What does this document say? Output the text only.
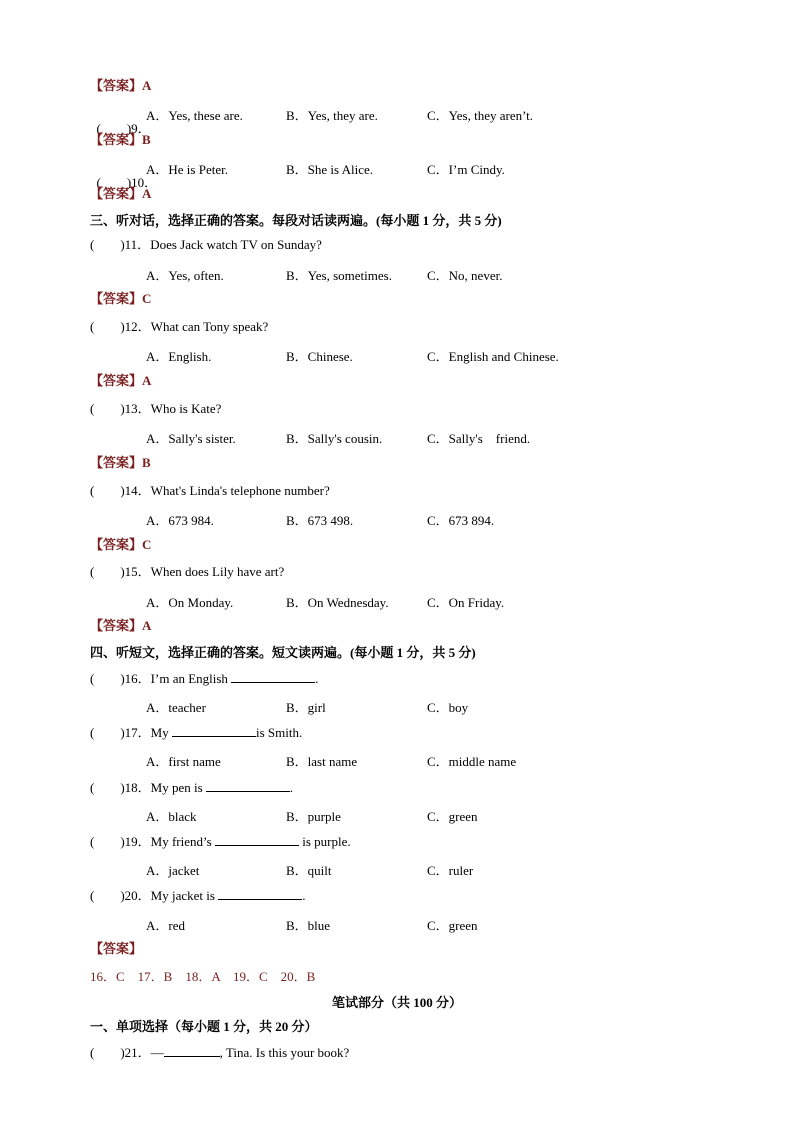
【答案】A

(　　)9．

A．Yes, these are.	B．Yes, they are.	C．Yes, they aren’t.
【答案】B

(　　)10．

A．He is Peter.	B．She is Alice.	C．I’m Cindy.
【答案】A
三、听对话，选择正确的答案。每段对话读两遍。(每小题 1 分，共 5 分)
(　　)11．Does Jack watch TV on Sunday?
A．Yes, often.	B．Yes, sometimes.	C．No, never.
【答案】C
(　　)12．What can Tony speak?
A．English.	B．Chinese.	C．English and Chinese.
【答案】A
(　　)13．Who is Kate?
A．Sally's sister.	B．Sally's cousin.	C．Sally's　friend.
【答案】B
(　　)14．What's Linda's telephone number?
A．673 984.	B．673 498.	C．673 894.
【答案】C
(　　)15．When does Lily have art?
A．On Monday.	B．On Wednesday.	C．On Friday.
【答案】A
四、听短文，选择正确的答案。短文读两遍。(每小题 1 分，共 5 分)
(　　)16．I’m an English	.
A．teacher	B．girl	C．boy
(　　)17．My	is Smith.
A．first name	B．last name	C．middle name
(　　)18．My pen is	.
A．black	B．purple	C．green
(　　)19．My friend’s	is purple.
A．jacket	B．quilt	C．ruler
(　　)20．My jacket is	.
A．red	B．blue	C．green
【答案】
16．C　17．B　18．A　19．C　20．B
笔试部分（共 100 分）
一、单项选择（每小题 1 分，共 20 分）
(　　)21．—	, Tina. Is this your book?
